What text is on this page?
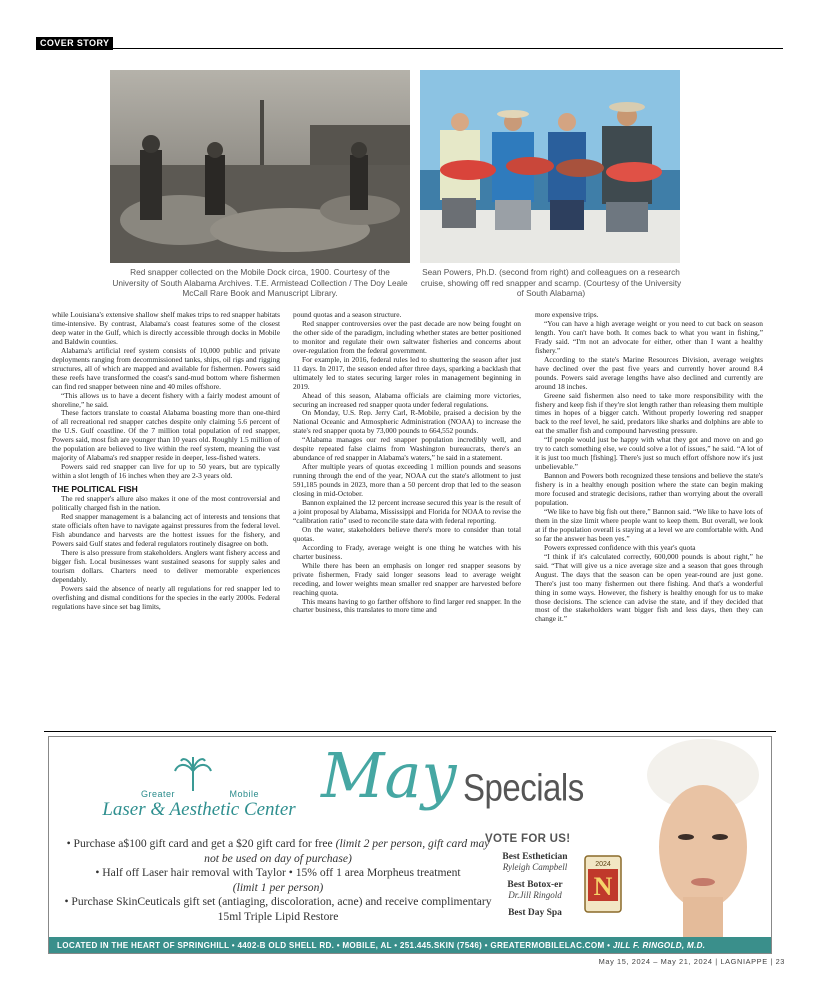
COVER STORY
Red snapper collected on the Mobile Dock circa, 1900. Courtesy of the University of South Alabama Archives. T.E. Armistead Collection / The Doy Leale McCall Rare Book and Manuscript Library.
Sean Powers, Ph.D. (second from right) and colleagues on a research cruise, showing off red snapper and scamp. (Courtesy of the University of South Alabama)

while Louisiana's extensive shallow shelf makes trips to red snapper habitats time-intensive. By contrast, Alabama's coast features some of the closest deep water in the Gulf, which is directly accessible through docks in Mobile and Baldwin counties.

Alabama's artificial reef system consists of 10,000 public and private deployments ranging from decommissioned tanks, ships, oil rigs and rigging structures, all of which are mapped and available for fishermen. Powers said these reefs have transformed the coast's sand-mud bottom where fishermen can find red snapper between nine and 40 miles offshore.

“This allows us to have a decent fishery with a fairly modest amount of shoreline,” he said.

These factors translate to coastal Alabama boasting more than one-third of all recreational red snapper catches despite only claiming 5.6 percent of the U.S. Gulf coastline. Of the 7 million total population of red snapper, Powers said, most fish are younger than 10 years old. Roughly 1.5 million of the population are believed to live within the reef system, meaning the vast majority of Alabama's red snapper reside in deeper, less-fished waters.

Powers said red snapper can live for up to 50 years, but are typically within a slot length of 16 inches when they are 2-3 years old.

THE POLITICAL FISH

The red snapper's allure also makes it one of the most controversial and politically charged fish in the nation.

Red snapper management is a balancing act of interests and tensions that state officials often have to navigate against pressures from the federal level. Fish abundance and harvests are the hottest issues for the fishery, and Powers said Gulf states and federal regulators routinely disagree on both.

There is also pressure from stakeholders. Anglers want fishery access and bigger fish. Local businesses want sustained seasons for supply sales and tourism dollars. Charters need to deliver memorable experiences dependably.

Powers said the absence of nearly all regulations for red snapper led to overfishing and dismal conditions for the species in the early 2000s. Federal regulations have since set bag limits,

pound quotas and a season structure.

Red snapper controversies over the past decade are now being fought on the other side of the paradigm, including whether states are better positioned to monitor and regulate their own saltwater fisheries and concerns about over-regulation from the federal government.

For example, in 2016, federal rules led to shuttering the season after just 11 days. In 2017, the season ended after three days, sparking a backlash that ultimately led to states securing larger roles in management beginning in 2019.

Ahead of this season, Alabama officials are claiming more victories, securing an increased red snapper quota under federal regulations.

On Monday, U.S. Rep. Jerry Carl, R-Mobile, praised a decision by the National Oceanic and Atmospheric Administration (NOAA) to increase the state's red snapper quota by 73,000 pounds to 664,552 pounds.

“Alabama manages our red snapper population incredibly well, and despite repeated false claims from Washington bureaucrats, there's an abundance of red snapper in Alabama's waters,” he said in a statement.

After multiple years of quotas exceeding 1 million pounds and seasons running through the end of the year, NOAA cut the state's allotment to just 591,185 pounds in 2023, more than a 50 percent drop that led to the season closing in mid-October.

Bannon explained the 12 percent increase secured this year is the result of a joint proposal by Alabama, Mississippi and Florida for NOAA to revise the “calibration ratio” used to reconcile state data with federal reporting.

On the water, stakeholders believe there's more to consider than total quotas.

According to Frady, average weight is one thing he watches with his charter business.

While there has been an emphasis on longer red snapper seasons by private fishermen, Frady said longer seasons lead to average weight receding, and lower weights mean smaller red snapper are harvested before reaching quota.

This means having to go farther offshore to find larger red snapper. In the charter business, this translates to more time and

more expensive trips.

“You can have a high average weight or you need to cut back on season length. You can't have both. It comes back to what you want in fishing,” Frady said. “I'm not an advocate for either, other than I want a healthy fishery.”

According to the state's Marine Resources Division, average weights have declined over the past five years and currently hover around 8.4 pounds. Powers said average lengths have also declined and currently are around 18 inches.

Greene said fishermen also need to take more responsibility with the fishery and keep fish if they're slot length rather than releasing them multiple times in hopes of a bigger catch. Without properly lowering red snapper back to the reef level, he said, predators like sharks and dolphins are able to eat the smaller fish and compound harvesting pressure.

“If people would just be happy with what they got and move on and go try to catch something else, we could solve a lot of issues,” he said. “A lot of it is just too much [fishing]. There's just so much effort offshore now it's just unbelievable.”

Bannon and Powers both recognized these tensions and believe the state's fishery is in a healthy enough position where the state can begin making more focused and strategic decisions, rather than worrying about the overall population.

“We like to have big fish out there,” Bannon said. “We like to have lots of them in the size limit where people want to keep them. But overall, we look at if the population overall is staying at a level we are comfortable with. And so far the answer has been yes.”

Powers expressed confidence with this year's quota

“I think if it's calculated correctly, 600,000 pounds is about right,” he said. “That will give us a nice average size and a season that goes through August. The days that the season can be open year-round are just gone. There's just too many fishermen out there fishing. And that's a wonderful thing in some ways. However, the fishery is healthy enough for us to make those decisions. The science can advise the state, and if they decided that most of the stakeholders want bigger fish and less days, then they can change it.”

Greater	Mobile
Laser & Aesthetic Center May Specials
• Purchase a$100 gift card and get a $20 gift card for free (limit 2 per person, gift card may not be used on day of purchase)
• Half off Laser hair removal with Taylor • 15% off 1 area Morpheus treatment
(limit 1 per person)
• Purchase SkinCeuticals gift set (antiaging, discoloration, acne) and receive complimentary 15ml Triple Lipid Restore
VOTE FOR US!
Best Esthetician
Ryleigh Campbell
Best Botox-er
Dr.Jill Ringold
Best Day Spa
2024
N
LOCATED IN THE HEART OF SPRINGHILL • 4402-B OLD SHELL RD. • MOBILE, AL • 251.445.SKIN (7546) • GREATERMOBILELAC.COM • JILL F. RINGOLD, M.D.
May 15, 2024 – May 21, 2024 | LAGNIAPPE | 23
